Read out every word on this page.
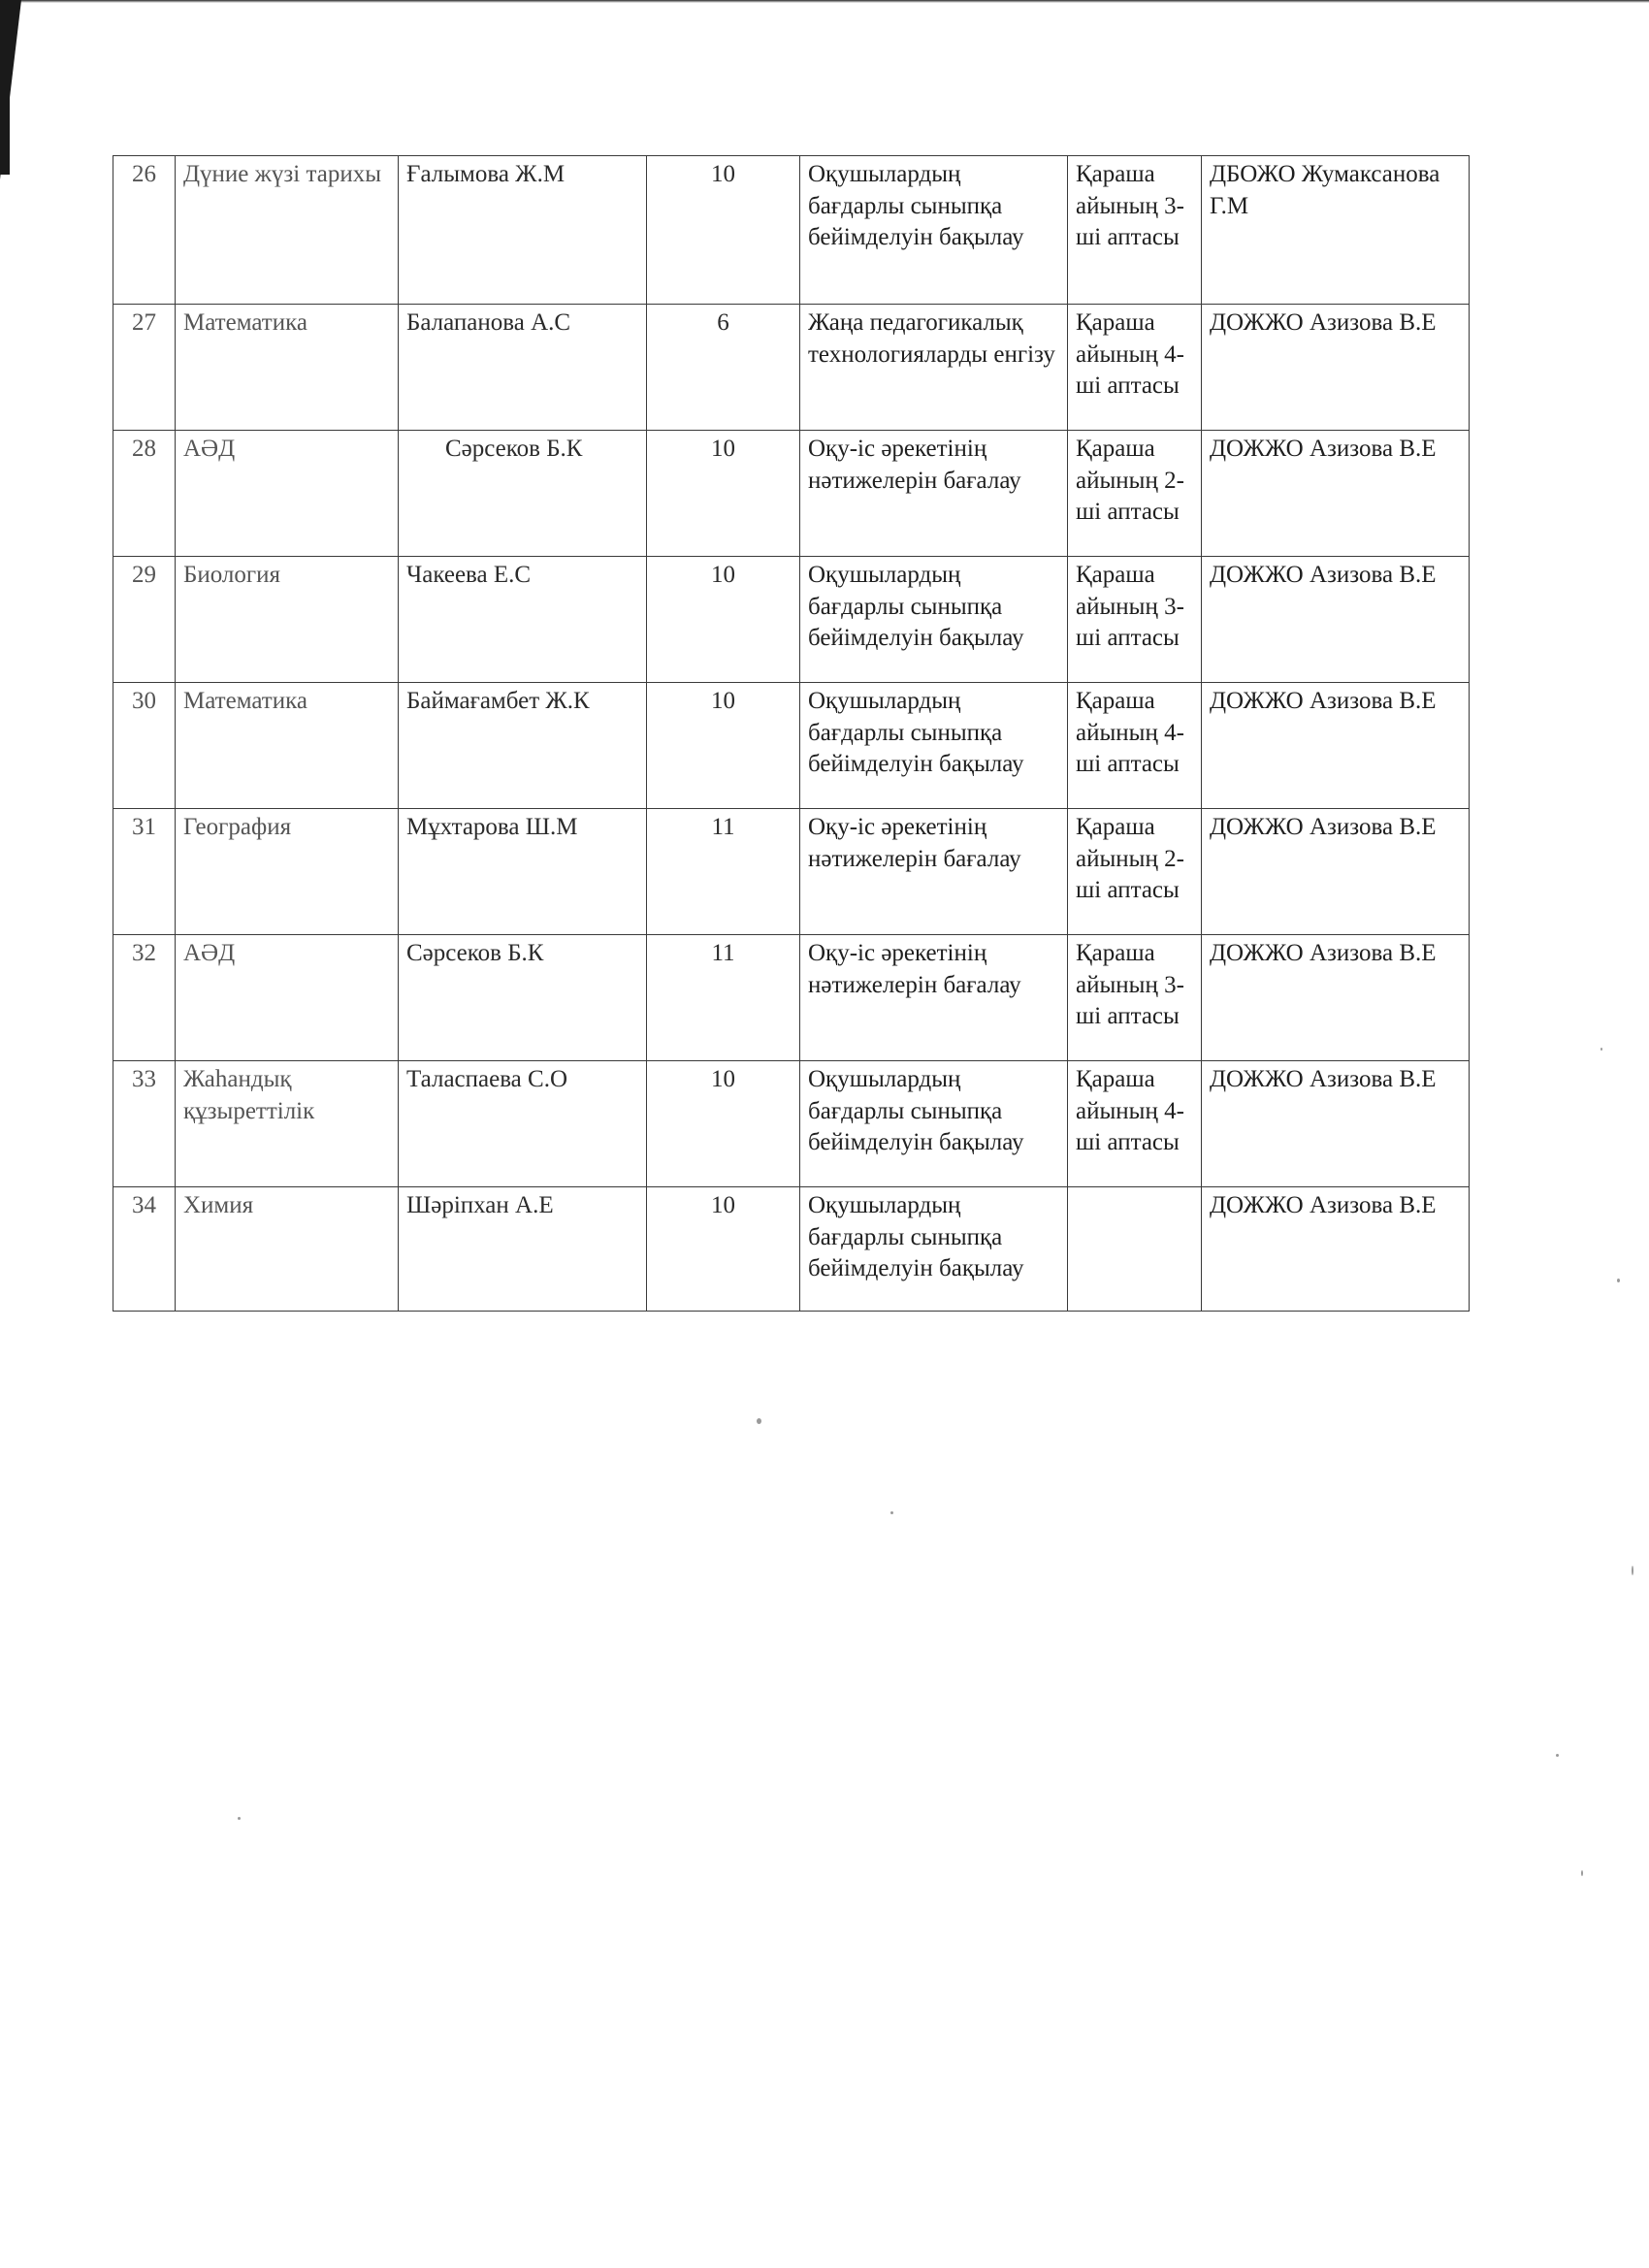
26	Дүние жүзі тарихы	Ғалымова Ж.М	10	Оқушылардың бағдарлы сыныпқа бейімделуін бақылау	Қараша айының 3-ші аптасы	ДБОЖО Жумаксанова Г.М
27	Математика	Балапанова А.С	6	Жаңа педагогикалық технологияларды енгізу	Қараша айының 4-ші аптасы	ДОЖЖО Азизова В.Е
28	АӘД	Сәрсеков Б.К	10	Оқу-іс әрекетінің нәтижелерін бағалау	Қараша айының 2-ші аптасы	ДОЖЖО Азизова В.Е
29	Биология	Чакеева Е.С	10	Оқушылардың бағдарлы сыныпқа бейімделуін бақылау	Қараша айының 3-ші аптасы	ДОЖЖО Азизова В.Е
30	Математика	Баймағамбет Ж.К	10	Оқушылардың бағдарлы сыныпқа бейімделуін бақылау	Қараша айының 4-ші аптасы	ДОЖЖО Азизова В.Е
31	География	Мұхтарова Ш.М	11	Оқу-іс әрекетінің нәтижелерін бағалау	Қараша айының 2-ші аптасы	ДОЖЖО Азизова В.Е
32	АӘД	Сәрсеков Б.К	11	Оқу-іс әрекетінің нәтижелерін бағалау	Қараша айының 3-ші аптасы	ДОЖЖО Азизова В.Е
33	Жаһандық құзыреттілік	Таласпаева С.О	10	Оқушылардың бағдарлы сыныпқа бейімделуін бақылау	Қараша айының 4-ші аптасы	ДОЖЖО Азизова В.Е
34	Химия	Шәріпхан А.Е	10	Оқушылардың бағдарлы сыныпқа бейімделуін бақылау		ДОЖЖО Азизова В.Е
